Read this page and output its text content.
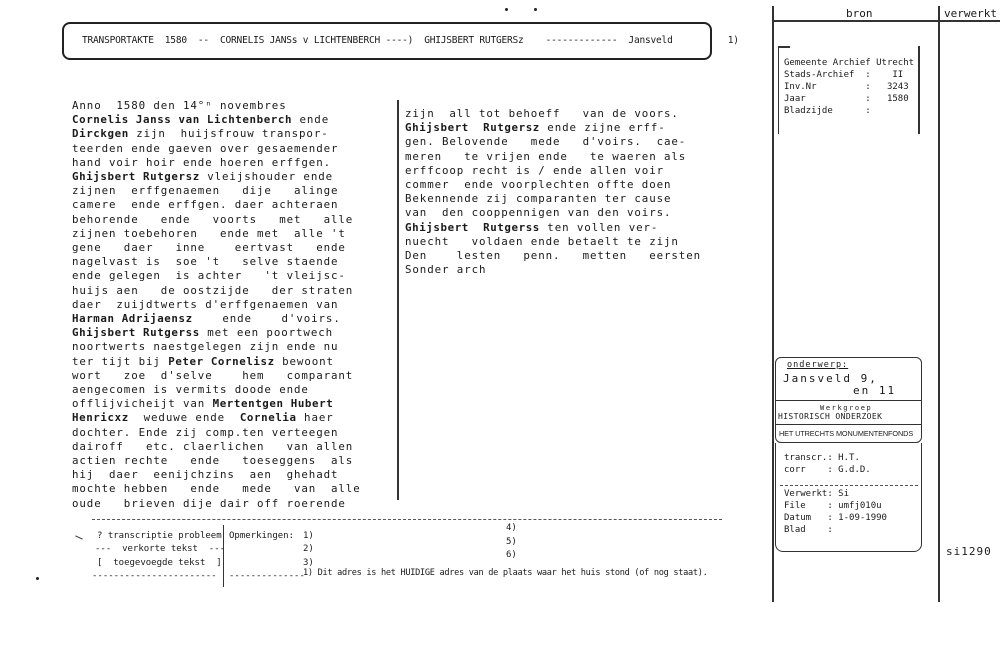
TRANSPORTAKTE  1580  --  CORNELIS JANSs v LICHTENBERCH ----)  GHIJSBERT RUTGERSz    -------------  Jansveld          1)
Anno  1580 den 14°ⁿ novembres
Cornelis Janss van Lichtenberch ende
Dirckgen zijn  huijsfrouw transpor-
teerden ende gaeven over gesaemender
hand voir hoir ende hoeren erffgen.
Ghijsbert Rutgersz vleijshouder ende
zijnen  erffgenaemen   dije   alinge
camere  ende erffgen. daer achteraen
behorende   ende   voorts   met   alle
zijnen toebehoren   ende met  alle 't
gene   daer   inne    eertvast   ende
nagelvast is  soe 't   selve staende
ende gelegen  is achter   't vleijsc-
huijs aen   de oostzijde   der straten
daer  zuijdtwerts d'erffgenaemen van
Harman Adrijaensz    ende    d'voirs.
Ghijsbert Rutgerss met een poortwech
noortwerts naestgelegen zijn ende nu
ter tijt bij Peter Cornelisz bewoont
wort   zoe  d'selve    hem   comparant
aengecomen is vermits doode ende
offlijvicheijt van Mertentgen Hubert
Henricxz  weduwe ende  Cornelia haer
dochter. Ende zij comp.ten verteegen
dairoff   etc. claerlichen   van allen
actien rechte   ende   toeseggens  als
hij  daer  eenijchzins  aen  ghehadt
mochte hebben   ende   mede   van  alle
oude   brieven dije dair off roerende
zijn  all tot behoeff   van de voors.
Ghijsbert  Rutgersz ende zijne erff-
gen. Belovende   mede   d'voirs.  cae-
meren   te vrijen ende   te waeren als
erffcoop recht is / ende allen voir
commer  ende voorplechten offte doen
Bekennende zij comparanten ter cause
van  den cooppennigen van den voirs.
Ghijsbert  Rutgerss ten vollen ver-
nuecht   voldaen ende betaelt te zijn
Den    lesten   penn.   metten   eersten
Sonder arch
? transcriptie probleem
---  verkorte tekst  ---
[  toegevoegde tekst  ]
-----------------------
Opmerkingen: 1)
2)
3)
--------------
4)
5)
6)
1) Dit adres is het HUIDIGE adres van de plaats waar het huis stond (of nog staat).
bron	verwerkt
Gemeente Archief Utrecht
Stads-Archief  :    II
Inv.Nr         :   3243
Jaar           :   1580
Bladzijde      :
onderwerp:
Jansveld 9,
en 11
Werkgroep
HISTORISCH ONDERZOEK
HET UTRECHTS MONUMENTENFONDS
transcr.: H.T.
corr    : G.d.D.

Verwerkt: Si
File    : umfj010u
Datum   : 1-09-1990
Blad    :
si1290
